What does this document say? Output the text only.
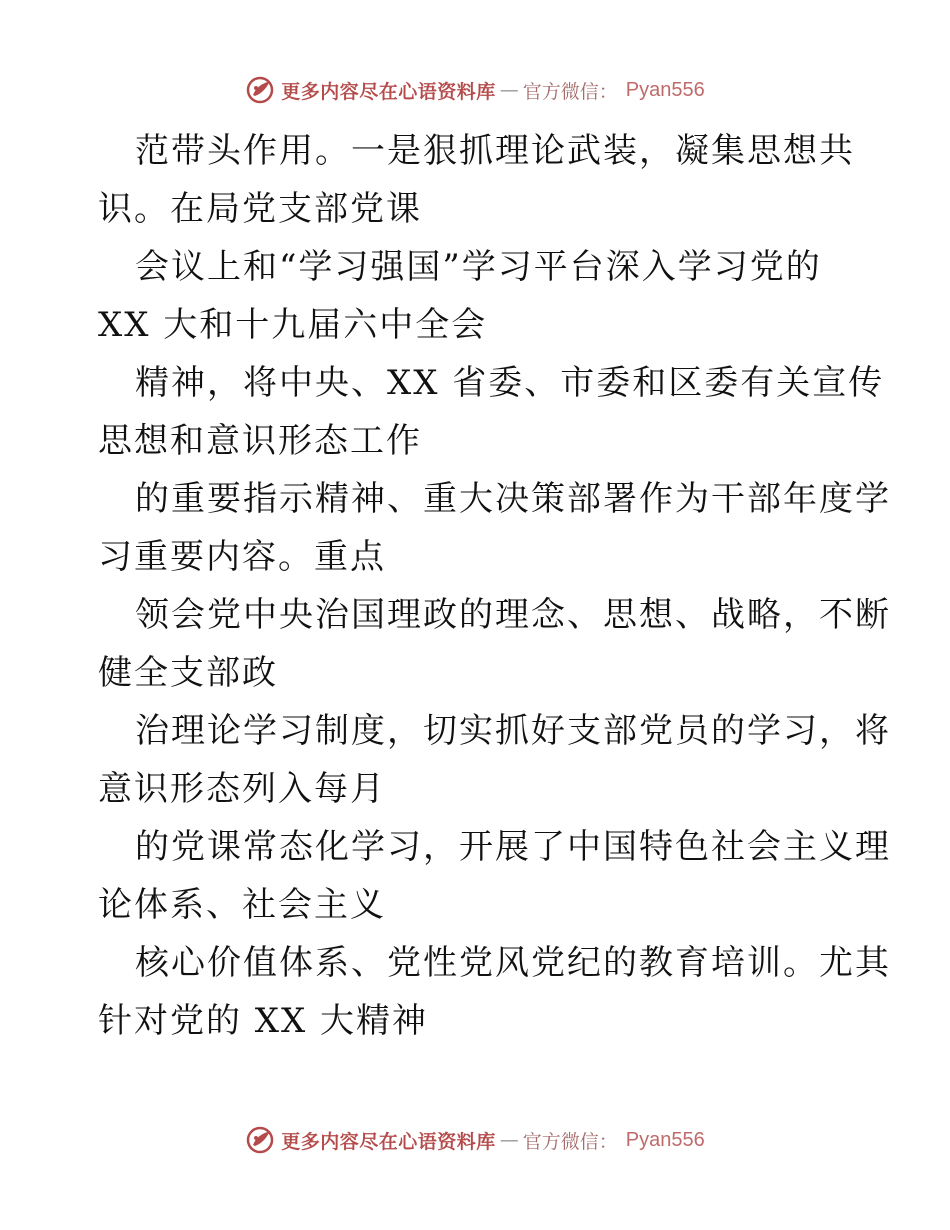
更多内容尽在心语资料库 — 官方微信： Pyan556
范带头作用。一是狠抓理论武装，凝集思想共
识。在局党支部党课
会议上和“学习强国”学习平台深入学习党的
XX 大和十九届六中全会
精神，将中央、XX 省委、市委和区委有关宣传
思想和意识形态工作
的重要指示精神、重大决策部署作为干部年度学
习重要内容。重点
领会党中央治国理政的理念、思想、战略，不断
健全支部政
治理论学习制度，切实抓好支部党员的学习，将
意识形态列入每月
的党课常态化学习，开展了中国特色社会主义理
论体系、社会主义
核心价值体系、党性党风党纪的教育培训。尤其
针对党的 XX 大精神
更多内容尽在心语资料库 — 官方微信： Pyan556
